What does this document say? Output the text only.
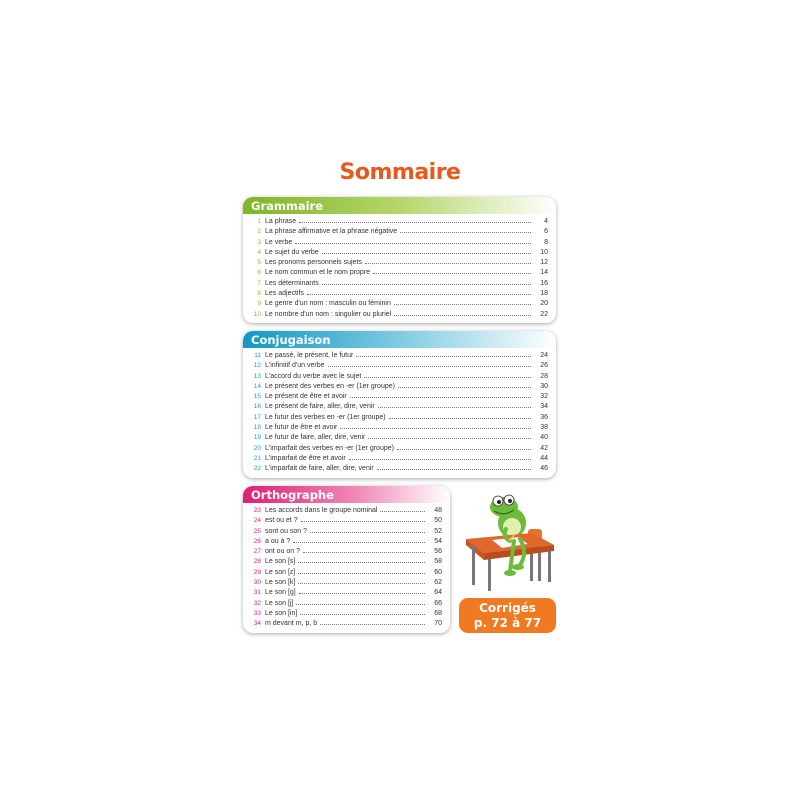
Sommaire
Grammaire
1 La phrase	4
2 La phrase affirmative et la phrase négative	6
3 Le verbe	8
4 Le sujet du verbe	10
5 Les pronoms personnels sujets	12
6 Le nom commun et le nom propre	14
7 Les déterminants	16
8 Les adjectifs	18
9 Le genre d'un nom : masculin ou féminin	20
10 Le nombre d'un nom : singulier ou pluriel	22
Conjugaison
11 Le passé, le présent, le futur	24
12 L'infinitif d'un verbe	26
13 L'accord du verbe avec le sujet	28
14 Le présent des verbes en -er (1er groupe)	30
15 Le présent de être et avoir	32
16 Le présent de faire, aller, dire, venir	34
17 Le futur des verbes en -er (1er groupe)	36
18 Le futur de être et avoir	38
19 Le futur de faire, aller, dire, venir	40
20 L'imparfait des verbes en -er (1er groupe)	42
21 L'imparfait de être et avoir	44
22 L'imparfait de faire, aller, dire, venir	46
Orthographe
23 Les accords dans le groupe nominal	48
24 est ou et ?	50
25 sont ou son ?	52
26 a ou à ?	54
27 ont ou on ?	56
28 Le son [s]	58
29 Le son [z]	60
30 Le son [k]	62
31 Le son [g]	64
32 Le son [j]	66
33 Le son [in]	68
34 m devant m, p, b	70
Corrigés
p. 72 à 77
